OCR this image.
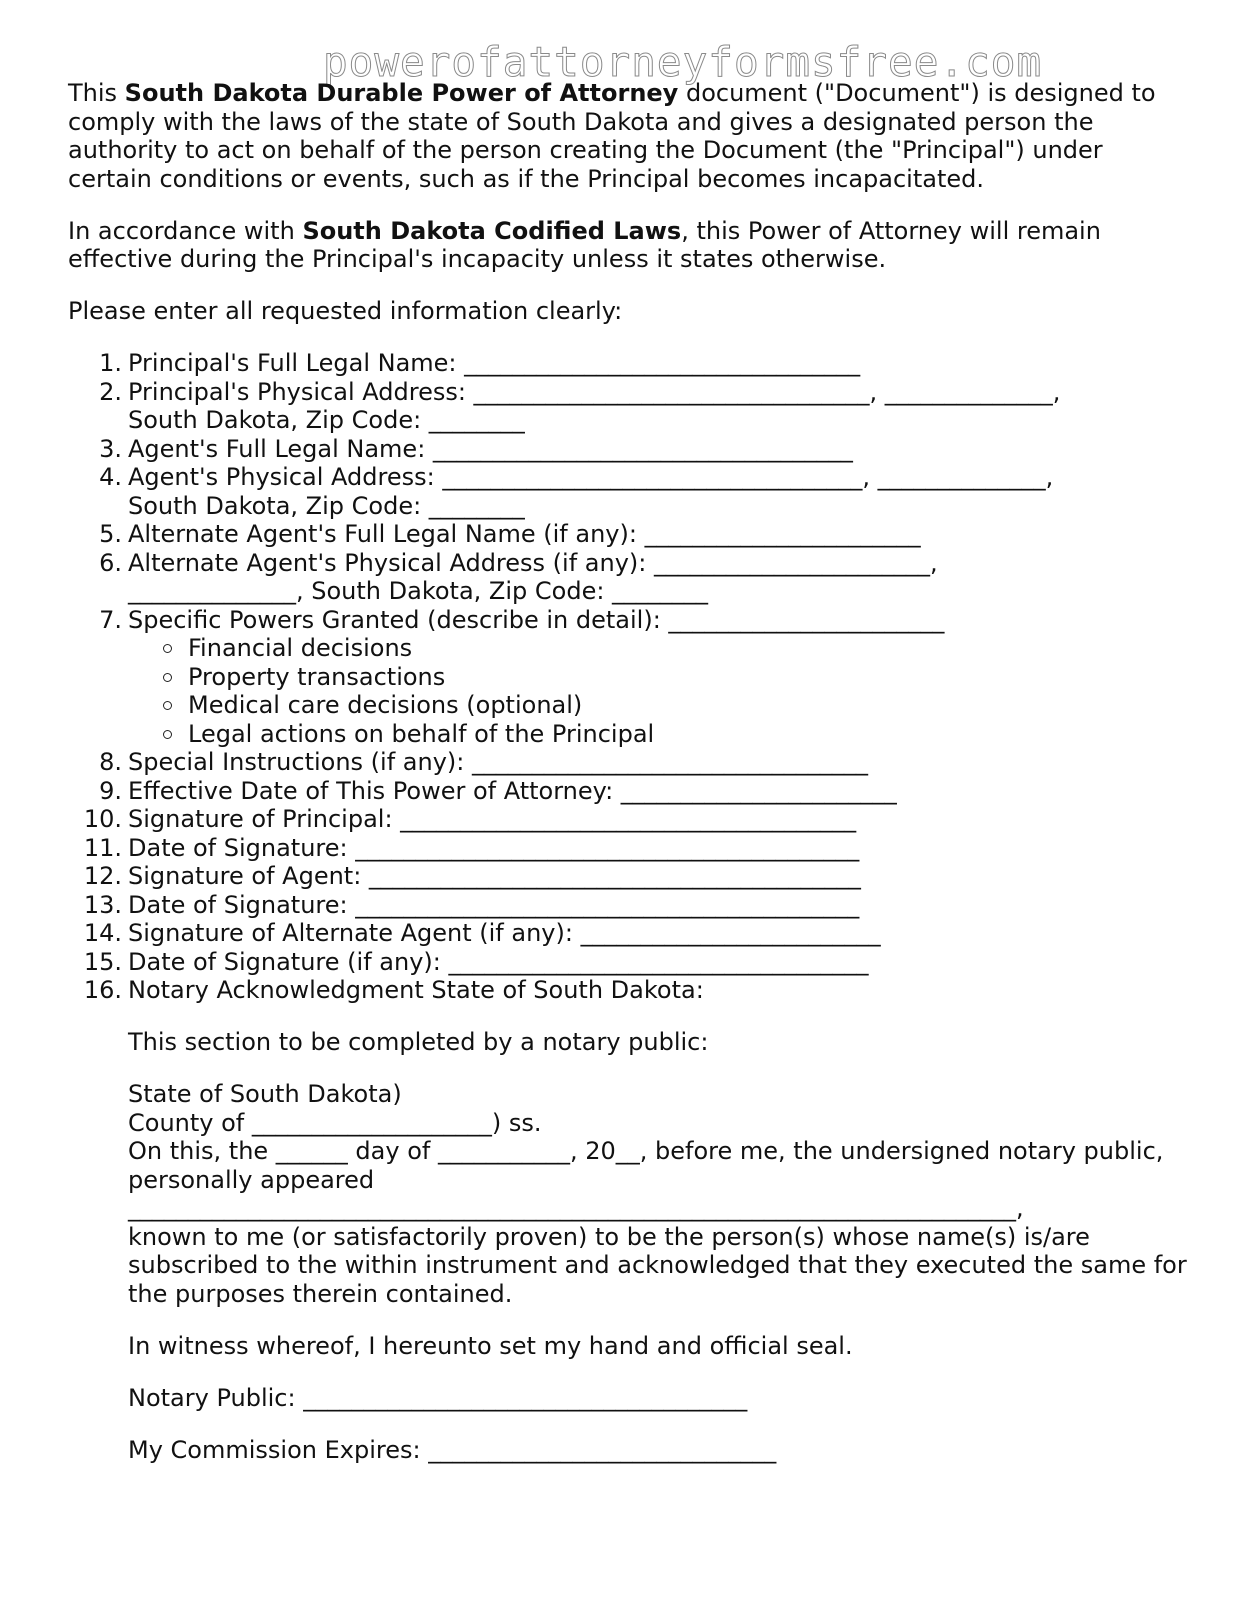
powerofattorneyformsfree.com

This South Dakota Durable Power of Attorney document ("Document") is designed to comply with the laws of the state of South Dakota and gives a designated person the authority to act on behalf of the person creating the Document (the "Principal") under certain conditions or events, such as if the Principal becomes incapacitated.

In accordance with South Dakota Codified Laws, this Power of Attorney will remain effective during the Principal's incapacity unless it states otherwise.

Please enter all requested information clearly:

1. Principal's Full Legal Name: _________________________________
2. Principal's Physical Address: _________________________________, ______________,
South Dakota, Zip Code: ________
3. Agent's Full Legal Name: ___________________________________
4. Agent's Physical Address: ___________________________________, ______________,
South Dakota, Zip Code: ________
5. Alternate Agent's Full Legal Name (if any): _______________________
6. Alternate Agent's Physical Address (if any): _______________________,
______________, South Dakota, Zip Code: ________
7. Specific Powers Granted (describe in detail): _______________________
Financial decisions
Property transactions
Medical care decisions (optional)
Legal actions on behalf of the Principal
8. Special Instructions (if any): _________________________________
9. Effective Date of This Power of Attorney: _______________________
10. Signature of Principal: ______________________________________
11. Date of Signature: __________________________________________
12. Signature of Agent: _________________________________________
13. Date of Signature: __________________________________________
14. Signature of Alternate Agent (if any): _________________________
15. Date of Signature (if any): ___________________________________
16. Notary Acknowledgment State of South Dakota:

This section to be completed by a notary public:

State of South Dakota)

County of ____________________) ss.

On this, the ______ day of ___________, 20__, before me, the undersigned notary public, personally appeared

__________________________________________________________________________,

known to me (or satisfactorily proven) to be the person(s) whose name(s) is/are subscribed to the within instrument and acknowledged that they executed the same for the purposes therein contained.

In witness whereof, I hereunto set my hand and official seal.

Notary Public: _____________________________________

My Commission Expires: _____________________________
